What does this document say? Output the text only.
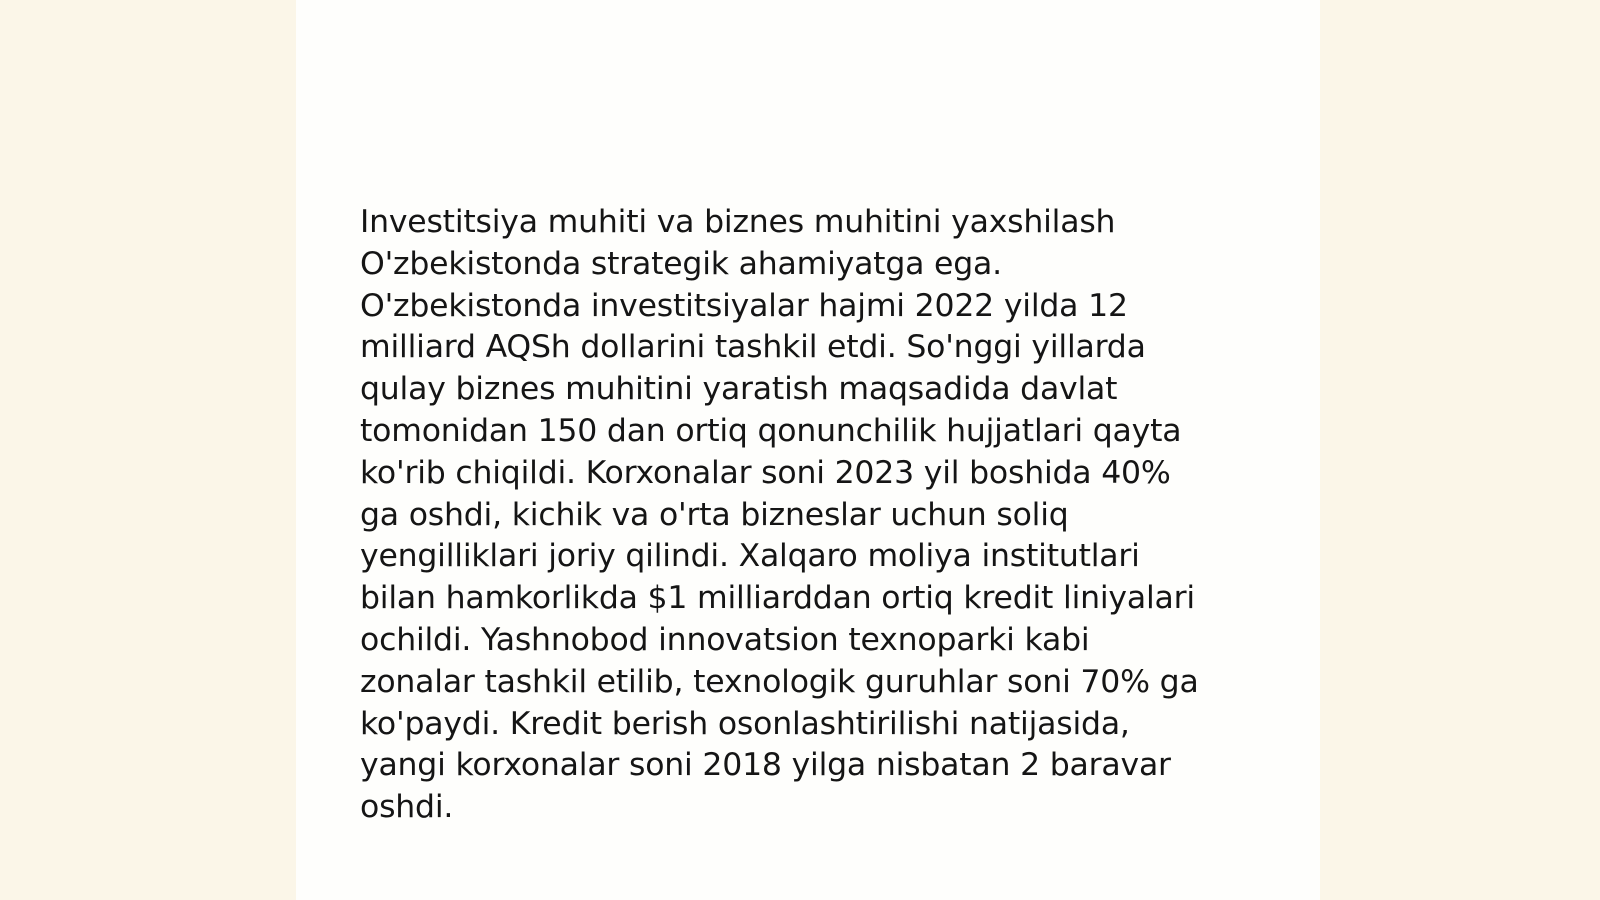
Investitsiya muhiti va biznes muhitini yaxshilash
O'zbekistonda strategik ahamiyatga ega.
O'zbekistonda investitsiyalar hajmi 2022 yilda 12
milliard AQSh dollarini tashkil etdi. So'nggi yillarda
qulay biznes muhitini yaratish maqsadida davlat
tomonidan 150 dan ortiq qonunchilik hujjatlari qayta
ko'rib chiqildi. Korxonalar soni 2023 yil boshida 40%
ga oshdi, kichik va o'rta bizneslar uchun soliq
yengilliklari joriy qilindi. Xalqaro moliya institutlari
bilan hamkorlikda $1 milliarddan ortiq kredit liniyalari
ochildi. Yashnobod innovatsion texnoparki kabi
zonalar tashkil etilib, texnologik guruhlar soni 70% ga
ko'paydi. Kredit berish osonlashtirilishi natijasida,
yangi korxonalar soni 2018 yilga nisbatan 2 baravar
oshdi.
